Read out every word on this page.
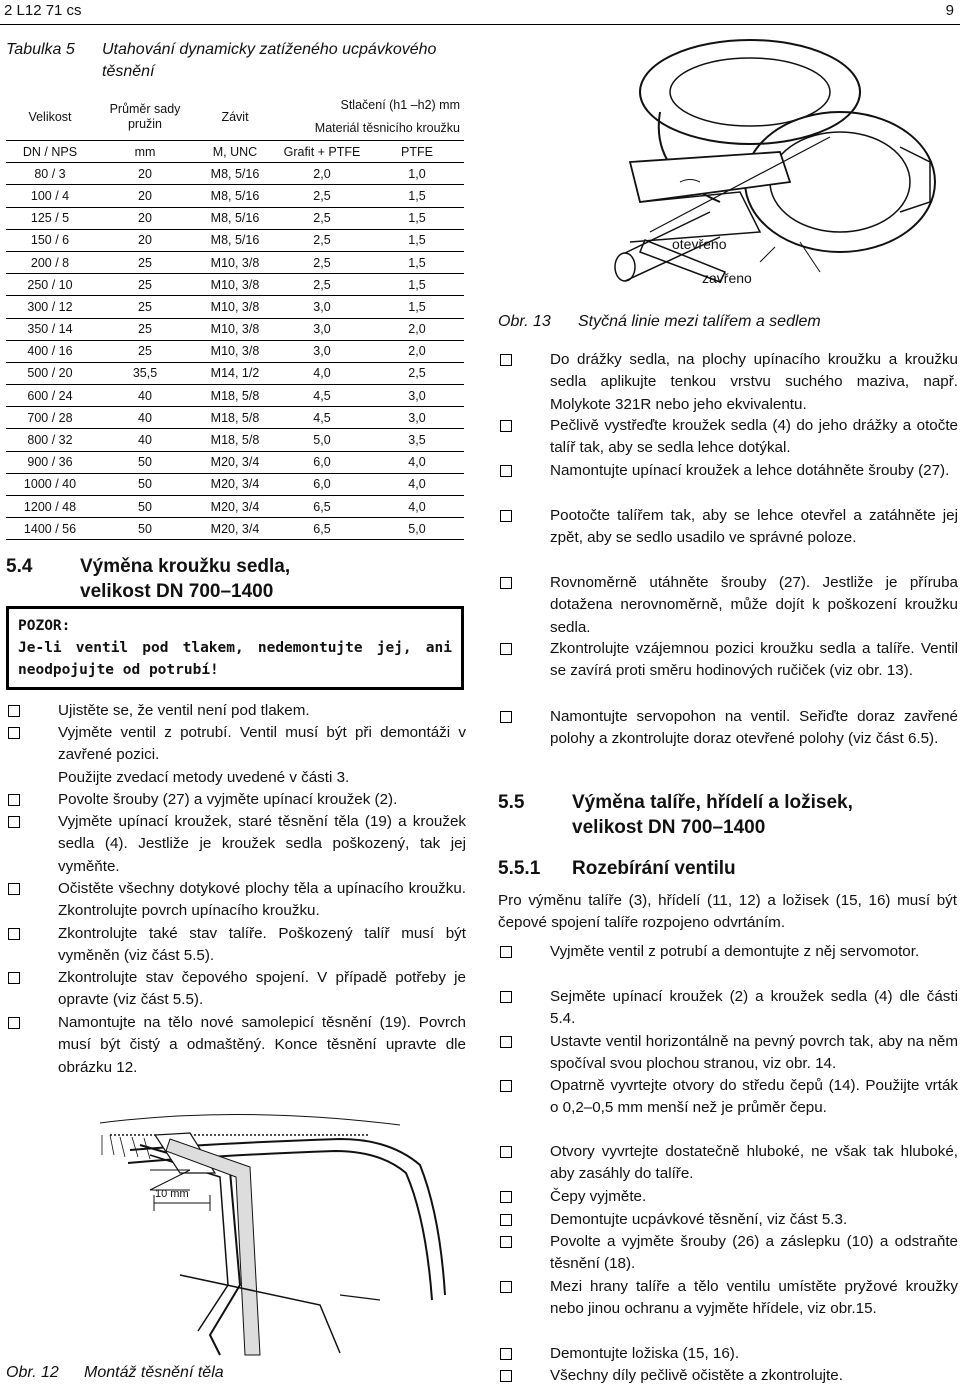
2 L12 71 cs	9
Tabulka 5 Utahování dynamicky zatíženého ucpávkového
těsnění
Velikost	Průměr sady
pružin	Závit	Stlačení (h1 –h2) mm	
			Materiál těsnicího kroužku	
DN / NPS	mm	M, UNC	Grafit + PTFE	PTFE
80 / 3	20	M8, 5/16	2,0	1,0
100 / 4	20	M8, 5/16	2,5	1,5
125 / 5	20	M8, 5/16	2,5	1,5
150 / 6	20	M8, 5/16	2,5	1,5
200 / 8	25	M10, 3/8	2,5	1,5
250 / 10	25	M10, 3/8	2,5	1,5
300 / 12	25	M10, 3/8	3,0	1,5
350 / 14	25	M10, 3/8	3,0	2,0
400 / 16	25	M10, 3/8	3,0	2,0
500 / 20	35,5	M14, 1/2	4,0	2,5
600 / 24	40	M18, 5/8	4,5	3,0
700 / 28	40	M18, 5/8	4,5	3,0
800 / 32	40	M18, 5/8	5,0	3,5
900 / 36	50	M20, 3/4	6,0	4,0
1000 / 40	50	M20, 3/4	6,0	4,0
1200 / 48	50	M20, 3/4	6,5	4,0
1400 / 56	50	M20, 3/4	6,5	5,0
5.4	Výměna kroužku sedla,
velikost DN 700–1400
POZOR:
Je-li ventil pod tlakem, nedemontujte jej, ani neodpojujte od potrubí!
Ujistěte se, že ventil není pod tlakem.
Vyjměte ventil z potrubí. Ventil musí být při demontáži v zavřené pozici.
Použijte zvedací metody uvedené v části 3.
Povolte šrouby (27) a vyjměte upínací kroužek (2).
Vyjměte upínací kroužek, staré těsnění těla (19) a kroužek sedla (4). Jestliže je kroužek sedla poškozený, tak jej vyměňte.
Očistěte všechny dotykové plochy těla a upínacího kroužku. Zkontrolujte povrch upínacího kroužku.
Zkontrolujte také stav talíře. Poškozený talíř musí být vyměněn (viz část 5.5).
Zkontrolujte stav čepového spojení. V případě potřeby je opravte (viz část 5.5).
Namontujte na tělo nové samolepicí těsnění (19). Povrch musí být čistý a odmaštěný. Konce těsnění upravte dle obrázku 12.
10 mm
Obr. 12 Montáž těsnění těla
otevřeno
zavřeno
Obr. 13 Styčná linie mezi talířem a sedlem
Do drážky sedla, na plochy upínacího kroužku a kroužku sedla aplikujte tenkou vrstvu suchého maziva, např. Molykote 321R nebo jeho ekvivalentu.
Pečlivě vystřeďte kroužek sedla (4) do jeho drážky a otočte talíř tak, aby se sedla lehce dotýkal.
Namontujte upínací kroužek a lehce dotáhněte šrouby (27).
Pootočte talířem tak, aby se lehce otevřel a zatáhněte jej zpět, aby se sedlo usadilo ve správné poloze.
Rovnoměrně utáhněte šrouby (27). Jestliže je příruba dotažena nerovnoměrně, může dojít k poškození kroužku sedla.
Zkontrolujte vzájemnou pozici kroužku sedla a talíře. Ventil se zavírá proti směru hodinových ručiček (viz obr. 13).
Namontujte servopohon na ventil. Seřiďte doraz zavřené polohy a zkontrolujte doraz otevřené polohy (viz část 6.5).
5.5	Výměna talíře, hřídelí a ložisek,
velikost DN 700–1400
5.5.1 Rozebírání ventilu
Pro výměnu talíře (3), hřídelí (11, 12) a ložisek (15, 16) musí být čepové spojení talíře rozpojeno odvrtáním.
Vyjměte ventil z potrubí a demontujte z něj servomotor.
Sejměte upínací kroužek (2) a kroužek sedla (4) dle části 5.4.
Ustavte ventil horizontálně na pevný povrch tak, aby na něm spočíval svou plochou stranou, viz obr. 14.
Opatrně vyvrtejte otvory do středu čepů (14). Použijte vrták o 0,2–0,5 mm menší než je průměr čepu.
Otvory vyvrtejte dostatečně hluboké, ne však tak hluboké, aby zasáhly do talíře.
Čepy vyjměte.
Demontujte ucpávkové těsnění, viz část 5.3.
Povolte a vyjměte šrouby (26) a záslepku (10) a odstraňte těsnění (18).
Mezi hrany talíře a tělo ventilu umístěte pryžové kroužky nebo jinou ochranu a vyjměte hřídele, viz obr.15.
Demontujte ložiska (15, 16).
Všechny díly pečlivě očistěte a zkontrolujte.
